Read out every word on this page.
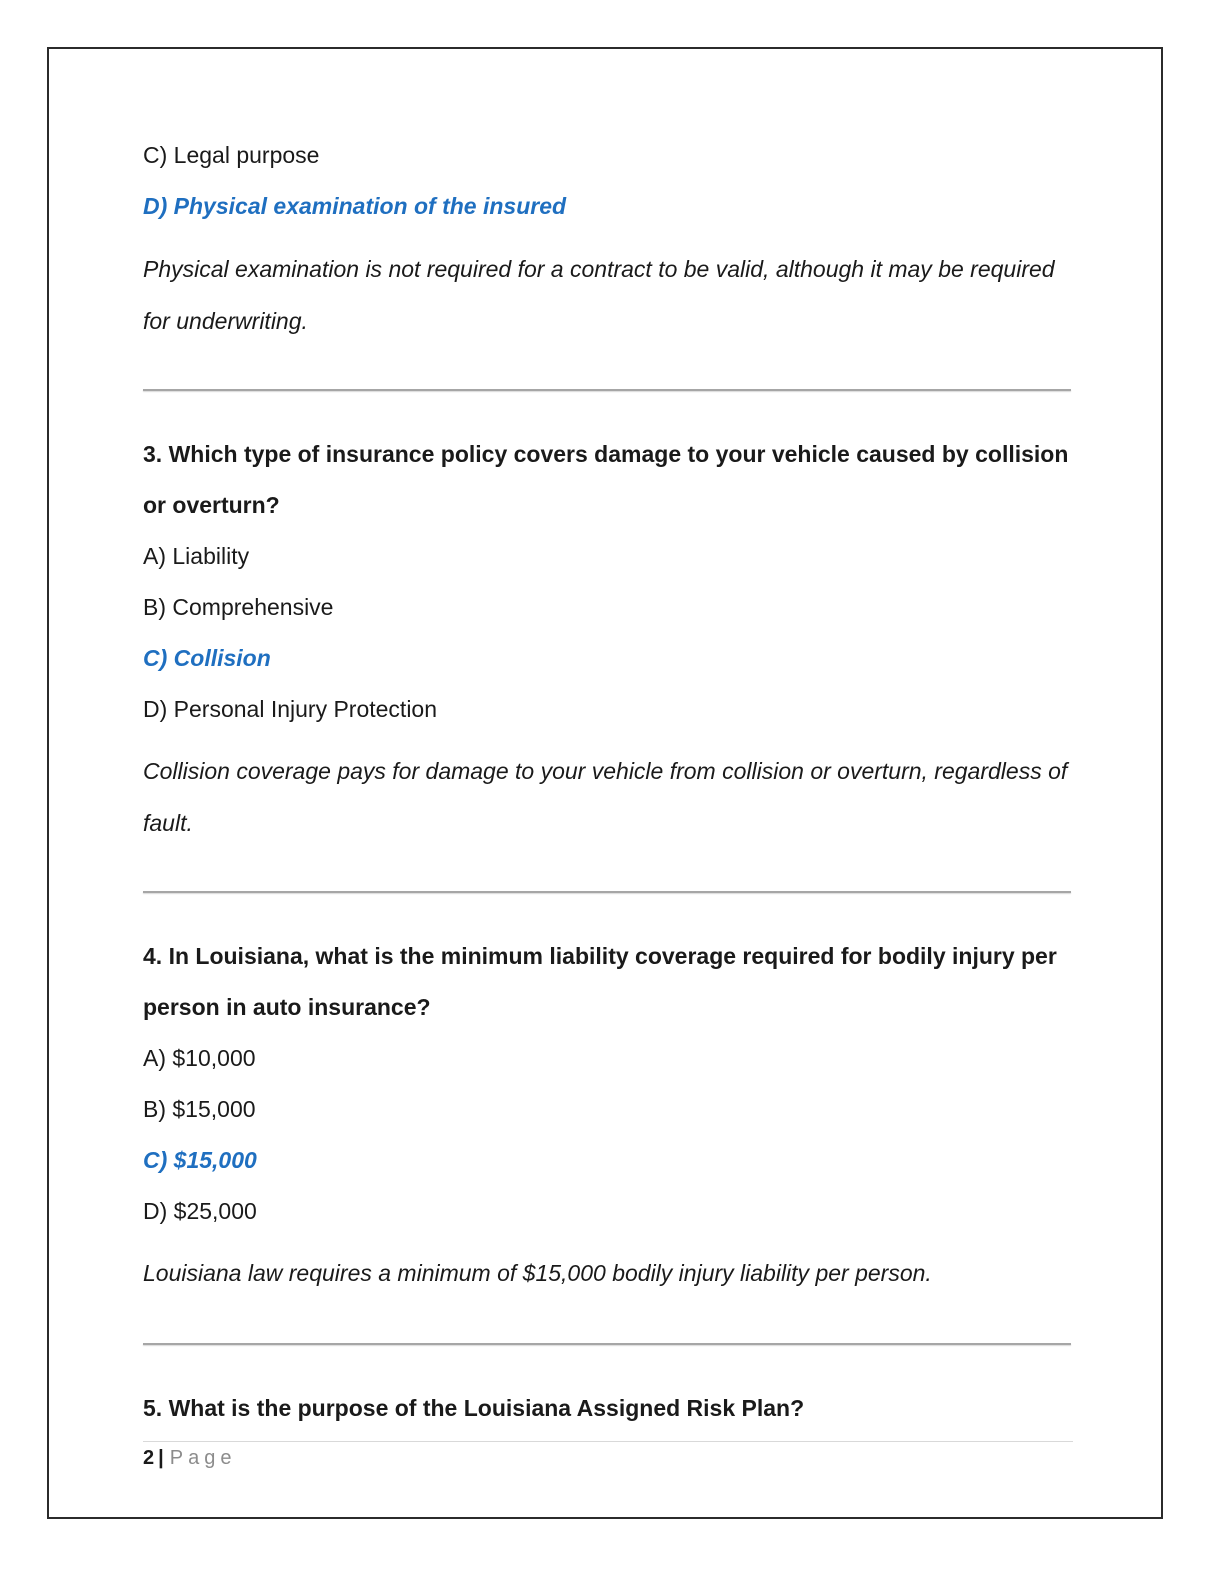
C) Legal purpose

D) Physical examination of the insured

Physical examination is not required for a contract to be valid, although it may be required for underwriting.

3. Which type of insurance policy covers damage to your vehicle caused by collision or overturn?

A) Liability

B) Comprehensive

C) Collision

D) Personal Injury Protection

Collision coverage pays for damage to your vehicle from collision or overturn, regardless of fault.

4. In Louisiana, what is the minimum liability coverage required for bodily injury per person in auto insurance?

A) $10,000

B) $15,000

C) $15,000

D) $25,000

Louisiana law requires a minimum of $15,000 bodily injury liability per person.

5. What is the purpose of the Louisiana Assigned Risk Plan?

2 | Page
